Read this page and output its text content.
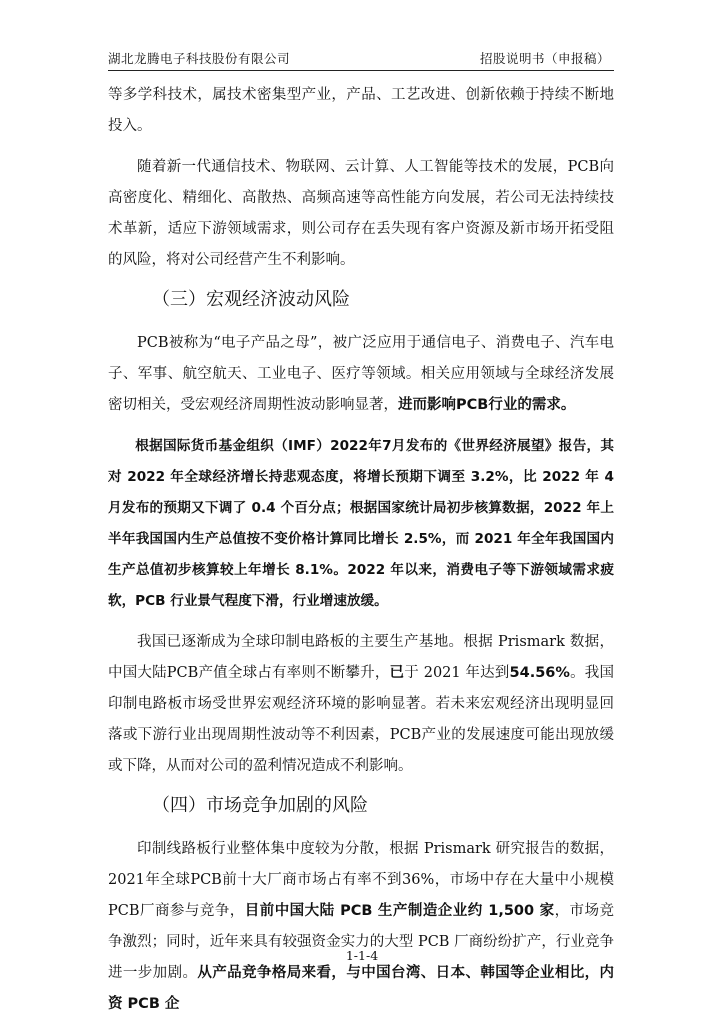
湖北龙腾电子科技股份有限公司	招股说明书（申报稿）

等多学科技术，属技术密集型产业，产品、工艺改进、创新依赖于持续不断地投入。

随着新一代通信技术、物联网、云计算、人工智能等技术的发展，PCB向高密度化、精细化、高散热、高频高速等高性能方向发展，若公司无法持续技术革新，适应下游领域需求，则公司存在丢失现有客户资源及新市场开拓受阻的风险，将对公司经营产生不利影响。

（三）宏观经济波动风险

PCB被称为“电子产品之母”，被广泛应用于通信电子、消费电子、汽车电子、军事、航空航天、工业电子、医疗等领域。相关应用领域与全球经济发展密切相关，受宏观经济周期性波动影响显著，进而影响PCB行业的需求。

根据国际货币基金组织（IMF）2022年7月发布的《世界经济展望》报告，其对 2022 年全球经济增长持悲观态度，将增长预期下调至 3.2%，比 2022 年 4 月发布的预期又下调了 0.4 个百分点；根据国家统计局初步核算数据，2022 年上半年我国国内生产总值按不变价格计算同比增长 2.5%，而 2021 年全年我国国内生产总值初步核算较上年增长 8.1%。2022 年以来，消费电子等下游领域需求疲软，PCB 行业景气程度下滑，行业增速放缓。

我国已逐渐成为全球印制电路板的主要生产基地。根据 Prismark 数据，中国大陆PCB产值全球占有率则不断攀升，已于 2021 年达到54.56%。我国印制电路板市场受世界宏观经济环境的影响显著。若未来宏观经济出现明显回落或下游行业出现周期性波动等不利因素，PCB产业的发展速度可能出现放缓或下降，从而对公司的盈利情况造成不利影响。

（四）市场竞争加剧的风险

印制线路板行业整体集中度较为分散，根据 Prismark 研究报告的数据，2021年全球PCB前十大厂商市场占有率不到36%，市场中存在大量中小规模PCB厂商参与竞争，目前中国大陆 PCB 生产制造企业约 1,500 家，市场竞争激烈；同时，近年来具有较强资金实力的大型 PCB 厂商纷纷扩产，行业竞争进一步加剧。从产品竞争格局来看，与中国台湾、日本、韩国等企业相比，内资 PCB 企

1-1-4
